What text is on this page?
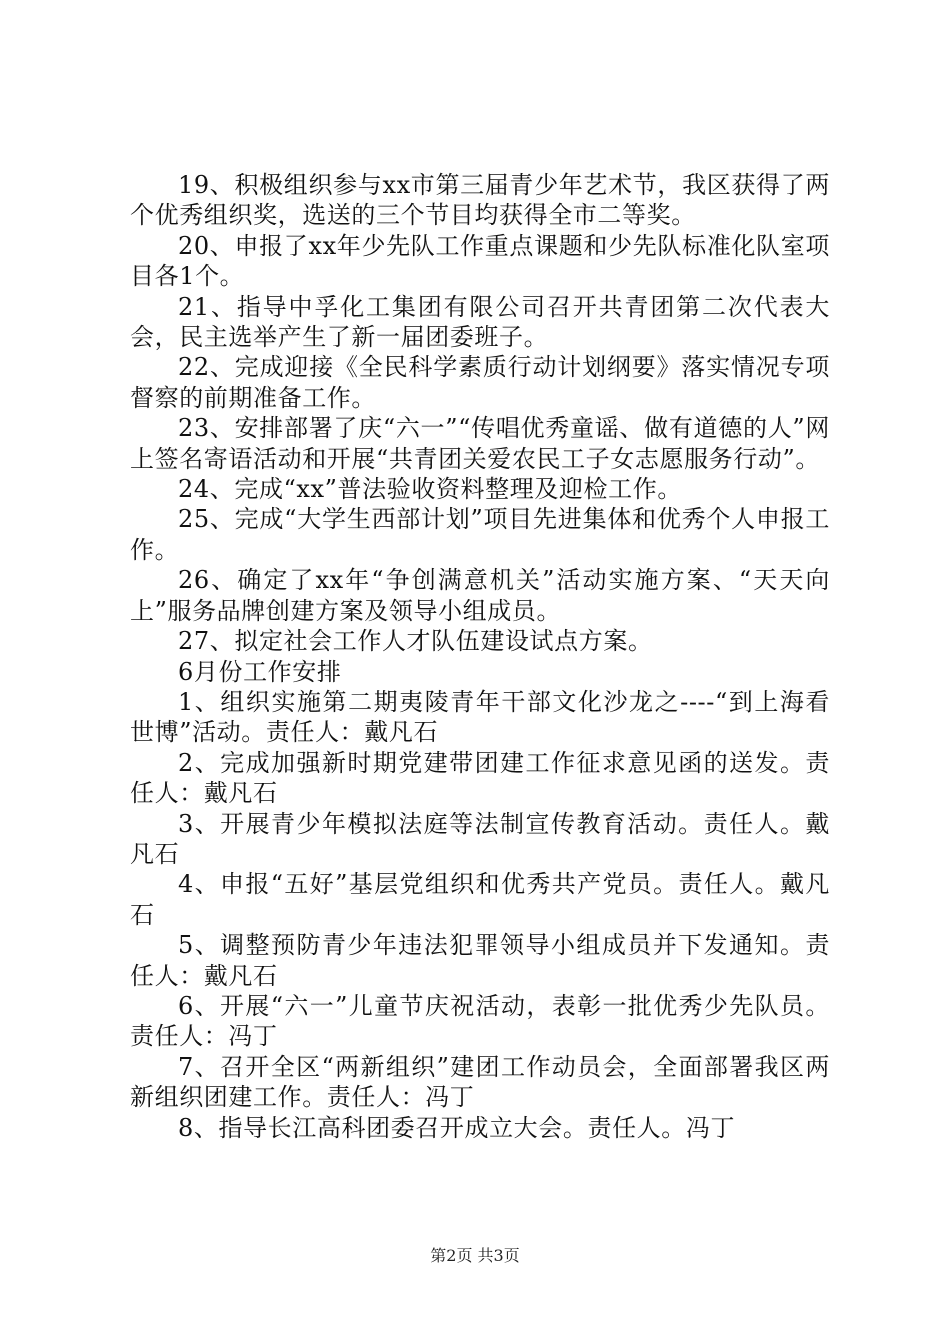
19、积极组织参与xx市第三届青少年艺术节，我区获得了两个优秀组织奖，选送的三个节目均获得全市二等奖。

20、申报了xx年少先队工作重点课题和少先队标准化队室项目各1个。

21、指导中孚化工集团有限公司召开共青团第二次代表大会，民主选举产生了新一届团委班子。

22、完成迎接《全民科学素质行动计划纲要》落实情况专项督察的前期准备工作。

23、安排部署了庆“六一”“传唱优秀童谣、做有道德的人”网上签名寄语活动和开展“共青团关爱农民工子女志愿服务行动”。

24、完成“xx”普法验收资料整理及迎检工作。

25、完成“大学生西部计划”项目先进集体和优秀个人申报工作。

26、确定了xx年“争创满意机关”活动实施方案、“天天向上”服务品牌创建方案及领导小组成员。

27、拟定社会工作人才队伍建设试点方案。

6月份工作安排

1、组织实施第二期夷陵青年干部文化沙龙之----“到上海看世博”活动。责任人：戴凡石

2、完成加强新时期党建带团建工作征求意见函的送发。责任人：戴凡石

3、开展青少年模拟法庭等法制宣传教育活动。责任人。戴凡石

4、申报“五好”基层党组织和优秀共产党员。责任人。戴凡石

5、调整预防青少年违法犯罪领导小组成员并下发通知。责任人：戴凡石

6、开展“六一”儿童节庆祝活动，表彰一批优秀少先队员。责任人：冯丁

7、召开全区“两新组织”建团工作动员会，全面部署我区两新组织团建工作。责任人：冯丁

8、指导长江高科团委召开成立大会。责任人。冯丁

第2页 共3页
